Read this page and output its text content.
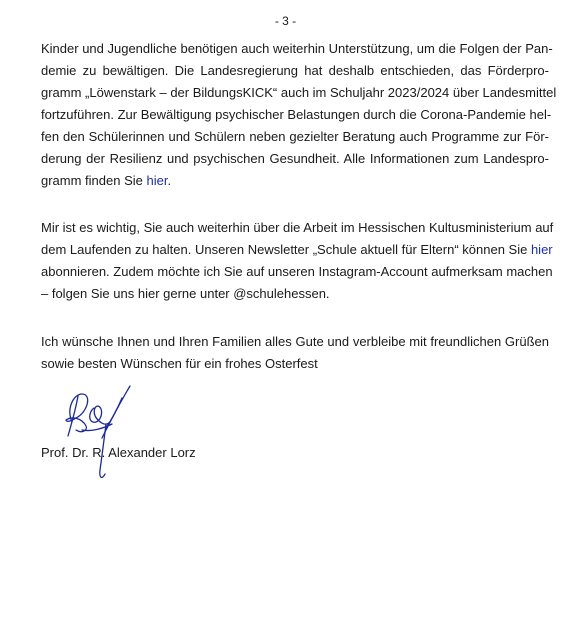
- 3 -
Kinder und Jugendliche benötigen auch weiterhin Unterstützung, um die Folgen der Pan-
demie zu bewältigen. Die Landesregierung hat deshalb entschieden, das Förderpro-
gramm „Löwenstark – der BildungsKICK“ auch im Schuljahr 2023/2024 über Landesmittel
fortzuführen. Zur Bewältigung psychischer Belastungen durch die Corona-Pandemie hel-
fen den Schülerinnen und Schülern neben gezielter Beratung auch Programme zur För-
derung der Resilienz und psychischen Gesundheit. Alle Informationen zum Landespro-
gramm finden Sie hier.
Mir ist es wichtig, Sie auch weiterhin über die Arbeit im Hessischen Kultusministerium auf
dem Laufenden zu halten. Unseren Newsletter „Schule aktuell für Eltern“ können Sie hier
abonnieren. Zudem möchte ich Sie auf unseren Instagram-Account aufmerksam machen
– folgen Sie uns hier gerne unter @schulehessen.
Ich wünsche Ihnen und Ihren Familien alles Gute und verbleibe mit freundlichen Grüßen
sowie besten Wünschen für ein frohes Osterfest
Prof. Dr. R. Alexander Lorz
